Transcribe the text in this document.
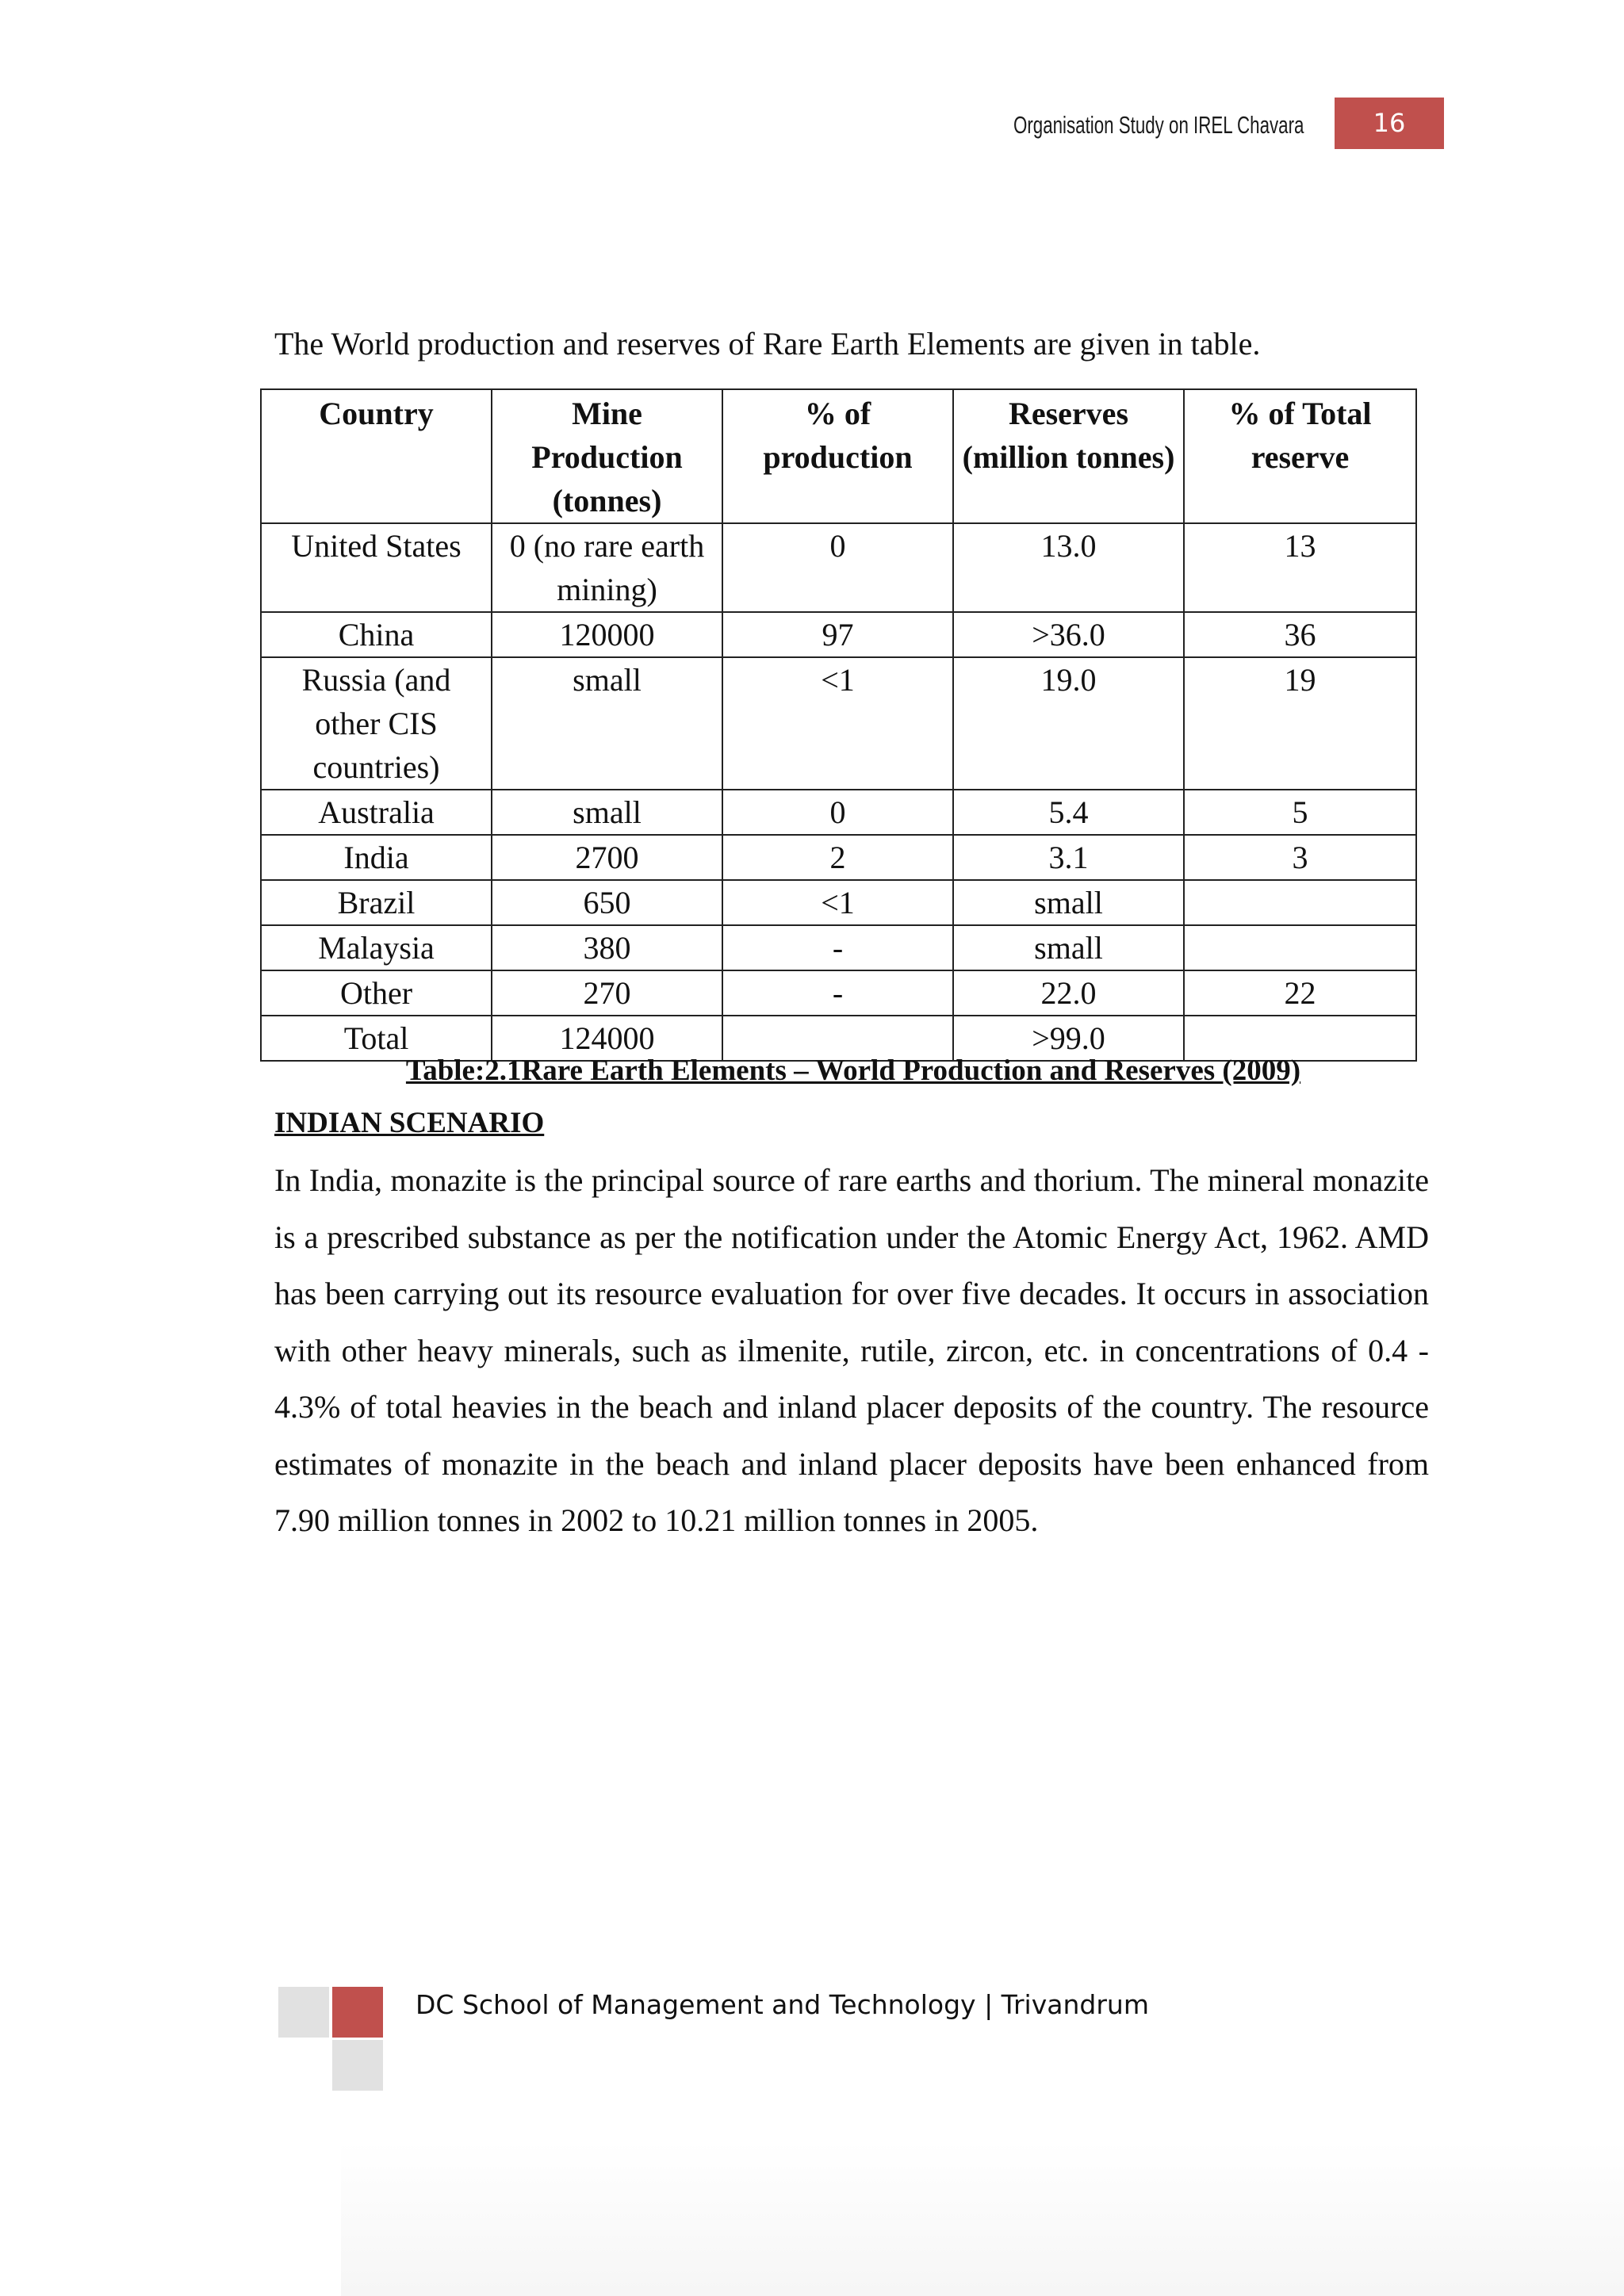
Organisation Study on IREL Chavara	16
The World production and reserves of Rare Earth Elements are given in table.
Country	Mine Production (tonnes)	% of production	Reserves (million tonnes)	% of Total reserve
United States	0 (no rare earth mining)	0	13.0	13
China	120000	97	>36.0	36
Russia (and other CIS countries)	small	<1	19.0	19
Australia	small	0	5.4	5
India	2700	2	3.1	3
Brazil	650	<1	small	
Malaysia	380	-	small	
Other	270	-	22.0	22
Total	124000		>99.0	
Table:2.1Rare Earth Elements – World Production and Reserves (2009)
INDIAN SCENARIO

In India, monazite is the principal source of rare earths and thorium. The mineral monazite is a prescribed substance as per the notification under the Atomic Energy Act, 1962. AMD has been carrying out its resource evaluation for over five decades. It occurs in association with other heavy minerals, such as ilmenite, rutile, zircon, etc. in concentrations of 0.4 - 4.3% of total heavies in the beach and inland placer deposits of the country. The resource estimates of monazite in the beach and inland placer deposits have been enhanced from 7.90 million tonnes in 2002 to 10.21 million tonnes in 2005.

DC School of Management and Technology | Trivandrum
